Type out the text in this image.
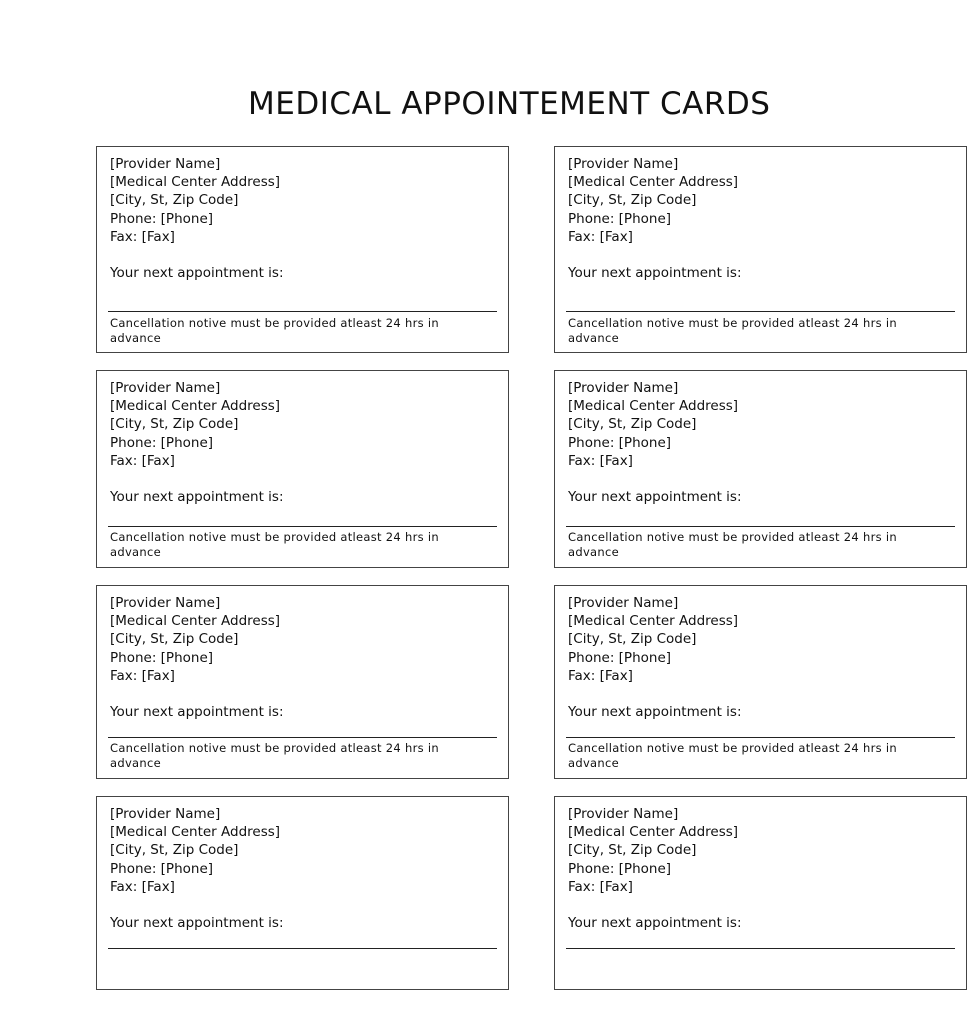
MEDICAL APPOINTEMENT CARDS
[Provider Name]
[Medical Center Address]
[City, St, Zip Code]
Phone: [Phone]
Fax: [Fax]
Your next appointment is:
Cancellation notive must be provided atleast 24 hrs in advance
[Provider Name]
[Medical Center Address]
[City, St, Zip Code]
Phone: [Phone]
Fax: [Fax]
Your next appointment is:
Cancellation notive must be provided atleast 24 hrs in advance
[Provider Name]
[Medical Center Address]
[City, St, Zip Code]
Phone: [Phone]
Fax: [Fax]
Your next appointment is:
Cancellation notive must be provided atleast 24 hrs in advance
[Provider Name]
[Medical Center Address]
[City, St, Zip Code]
Phone: [Phone]
Fax: [Fax]
Your next appointment is:
Cancellation notive must be provided atleast 24 hrs in advance
[Provider Name]
[Medical Center Address]
[City, St, Zip Code]
Phone: [Phone]
Fax: [Fax]
Your next appointment is:
Cancellation notive must be provided atleast 24 hrs in advance
[Provider Name]
[Medical Center Address]
[City, St, Zip Code]
Phone: [Phone]
Fax: [Fax]
Your next appointment is:
Cancellation notive must be provided atleast 24 hrs in advance
[Provider Name]
[Medical Center Address]
[City, St, Zip Code]
Phone: [Phone]
Fax: [Fax]
Your next appointment is:
[Provider Name]
[Medical Center Address]
[City, St, Zip Code]
Phone: [Phone]
Fax: [Fax]
Your next appointment is:
